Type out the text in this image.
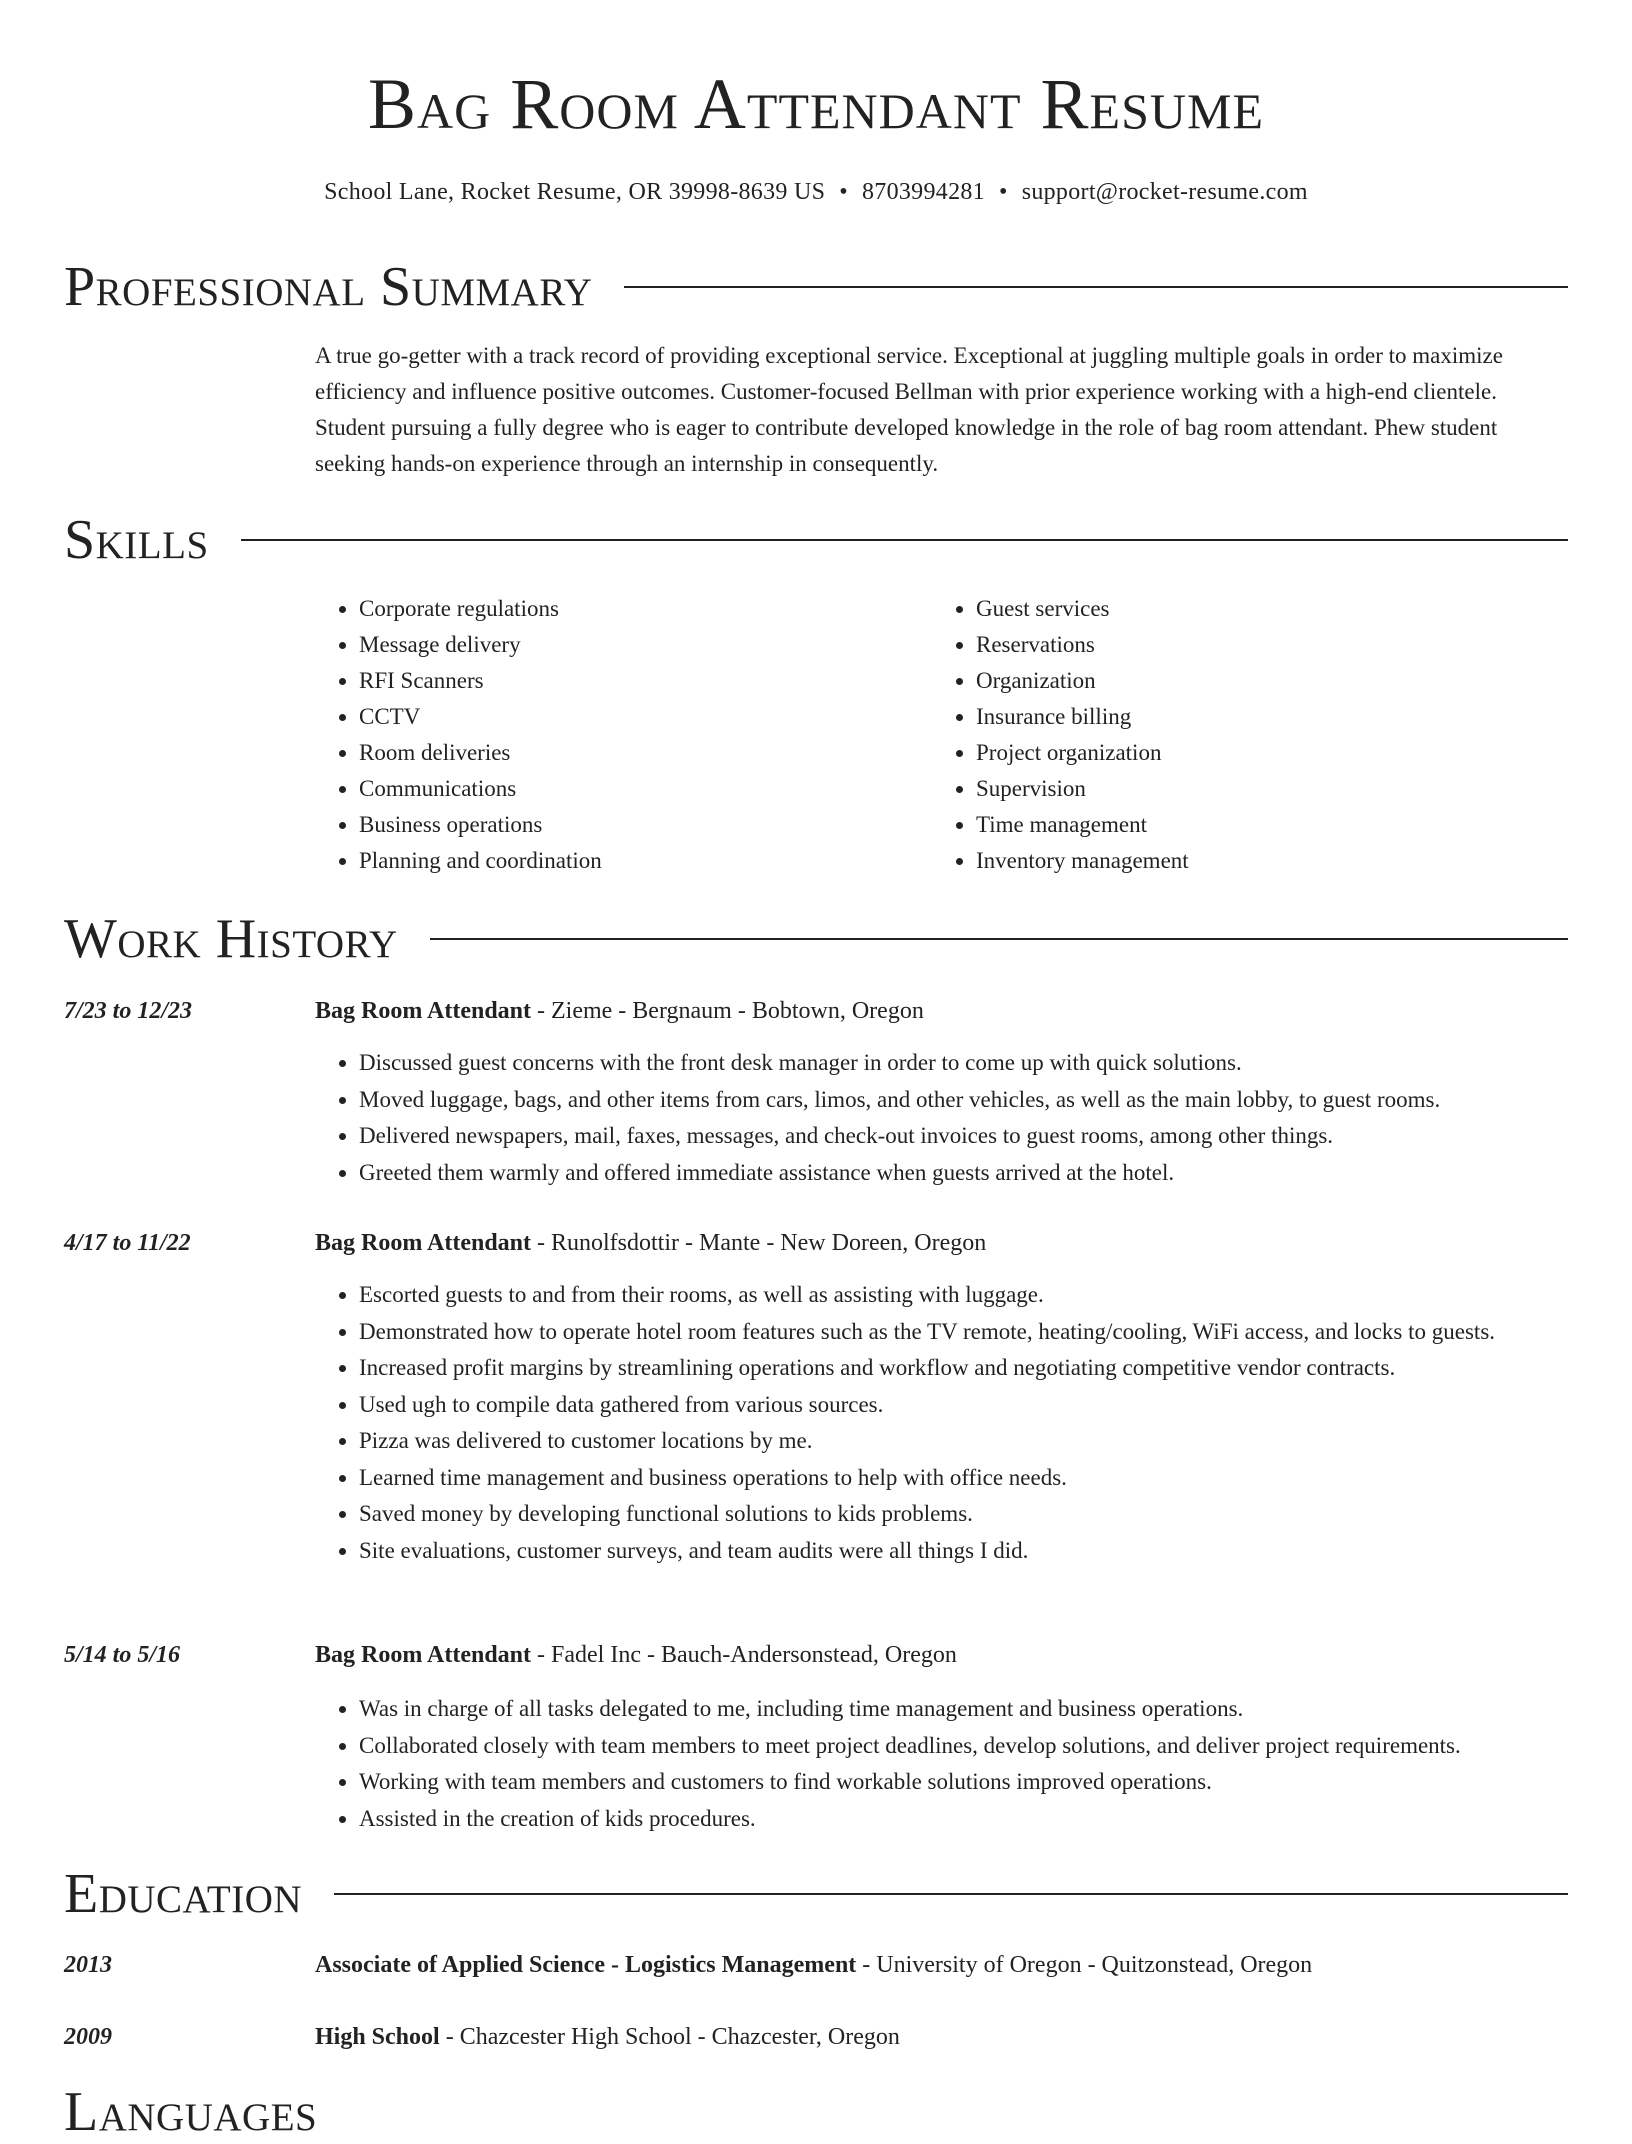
Bag Room Attendant Resume
School Lane, Rocket Resume, OR 39998-8639 US • 8703994281 • support@rocket-resume.com
Professional Summary

A true go-getter with a track record of providing exceptional service. Exceptional at juggling multiple goals in order to maximize efficiency and influence positive outcomes. Customer-focused Bellman with prior experience working with a high-end clientele. Student pursuing a fully degree who is eager to contribute developed knowledge in the role of bag room attendant. Phew student seeking hands-on experience through an internship in consequently.

Skills
• Corporate regulations
• Message delivery
• RFI Scanners
• CCTV
• Room deliveries
• Communications
• Business operations
• Planning and coordination
• Guest services
• Reservations
• Organization
• Insurance billing
• Project organization
• Supervision
• Time management
• Inventory management
Work History
7/23 to 12/23	Bag Room Attendant - Zieme - Bergnaum - Bobtown, Oregon
• Discussed guest concerns with the front desk manager in order to come up with quick solutions.
• Moved luggage, bags, and other items from cars, limos, and other vehicles, as well as the main lobby, to guest rooms.
• Delivered newspapers, mail, faxes, messages, and check-out invoices to guest rooms, among other things.
• Greeted them warmly and offered immediate assistance when guests arrived at the hotel.
4/17 to 11/22	Bag Room Attendant - Runolfsdottir - Mante - New Doreen, Oregon
• Escorted guests to and from their rooms, as well as assisting with luggage.
• Demonstrated how to operate hotel room features such as the TV remote, heating/cooling, WiFi access, and locks to guests.
• Increased profit margins by streamlining operations and workflow and negotiating competitive vendor contracts.
• Used ugh to compile data gathered from various sources.
• Pizza was delivered to customer locations by me.
• Learned time management and business operations to help with office needs.
• Saved money by developing functional solutions to kids problems.
• Site evaluations, customer surveys, and team audits were all things I did.
5/14 to 5/16	Bag Room Attendant - Fadel Inc - Bauch-Andersonstead, Oregon
• Was in charge of all tasks delegated to me, including time management and business operations.
• Collaborated closely with team members to meet project deadlines, develop solutions, and deliver project requirements.
• Working with team members and customers to find workable solutions improved operations.
• Assisted in the creation of kids procedures.
Education
2013	Associate of Applied Science - Logistics Management - University of Oregon - Quitzonstead, Oregon
2009	High School - Chazcester High School - Chazcester, Oregon
Languages
